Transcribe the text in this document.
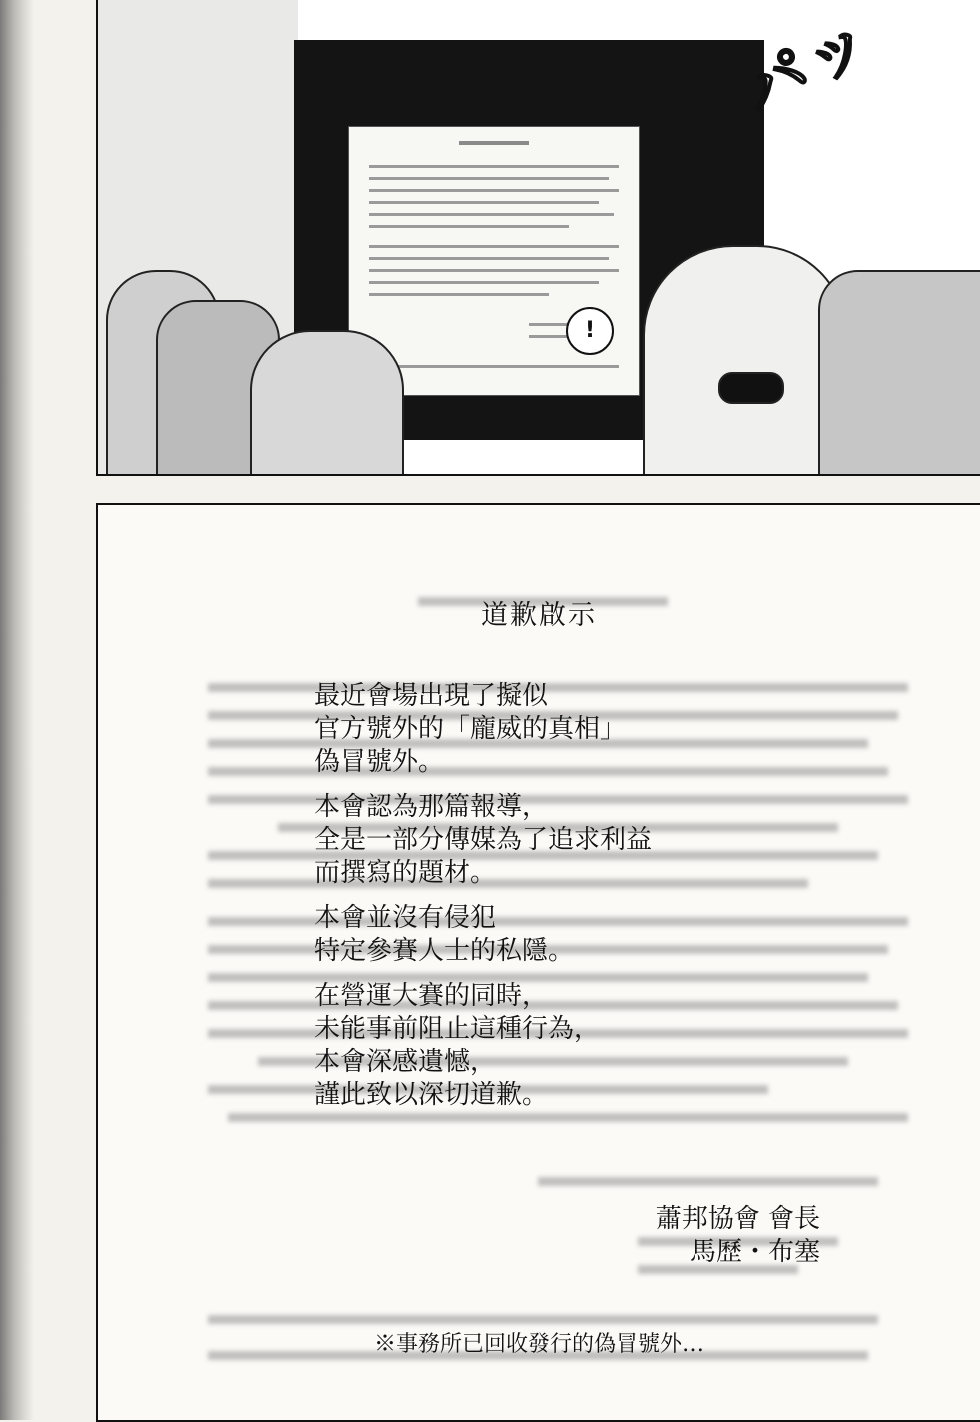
!
パッ
道歉啟示
最近會場出現了擬似
官方號外的「龐威的真相」
偽冒號外。
本會認為那篇報導，
全是一部分傳媒為了追求利益
而撰寫的題材。
本會並沒有侵犯
特定參賽人士的私隱。
在營運大賽的同時，
未能事前阻止這種行為，
本會深感遺憾，
謹此致以深切道歉。
蕭邦協會 會長
馬歷・布塞
※事務所已回收發行的偽冒號外…
